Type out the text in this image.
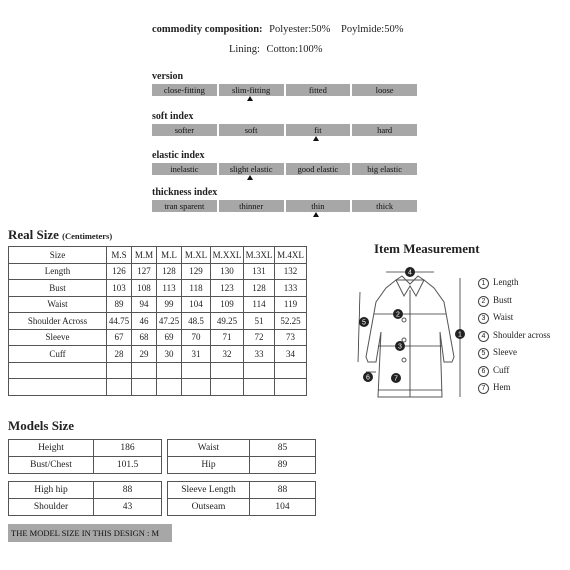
commodity composition: Polyester:50% Poylmide:50%
Lining: Cotton:100%
version
close-fitting	slim-fitting	fitted	loose
soft index
softer	soft	fit	hard
elastic index
inelastic	slight elastic	good elastic	big elastic
thickness index
tran sparent	thinner	thin	thick
Real Size (Centimeters)
Size	M.S	M.M	M.L	M.XL	M.XXL	M.3XL	M.4XL
Length	126	127	128	129	130	131	132
Bust	103	108	113	118	123	128	133
Waist	89	94	99	104	109	114	119
Shoulder Across	44.75	46	47.25	48.5	49.25	51	52.25
Sleeve	67	68	69	70	71	72	73
Cuff	28	29	30	31	32	33	34

Item Measurement
4
2
3
1
5
6	7
1 Length
2 Bustt
3 Waist
4 Shoulder across
5 Sleeve
6 Cuff
7 Hem
Models Size
Height	186
Bust/Chest	101.5
Waist	85
Hip	89
High hip	88
Shoulder	43
Sleeve Length	88
Outseam	104
THE MODEL SIZE IN THIS DESIGN : M
